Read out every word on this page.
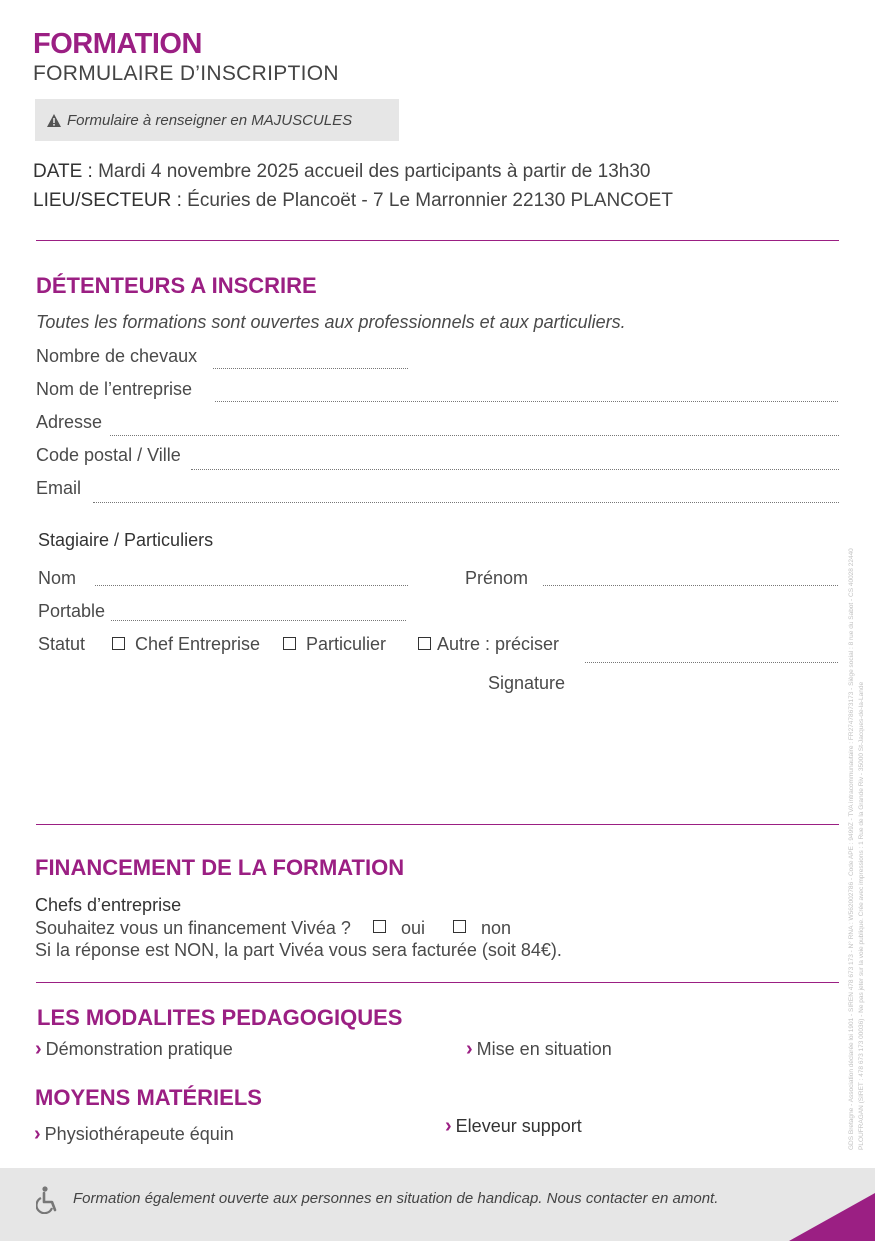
FORMATION
FORMULAIRE D’INSCRIPTION
Formulaire à renseigner en MAJUSCULES
DATE : Mardi 4 novembre 2025 accueil des participants à partir de 13h30
LIEU/SECTEUR : Écuries de Plancoët - 7 Le Marronnier 22130 PLANCOET
DÉTENTEURS A INSCRIRE
Toutes les formations sont ouvertes aux professionnels et aux particuliers.
Nombre de chevaux
Nom de l’entreprise
Adresse
Code postal / Ville
Email
Stagiaire / Particuliers
Nom	Prénom
Portable
Statut	Chef Entreprise	Particulier	Autre : préciser
Signature
FINANCEMENT DE LA FORMATION
Chefs d’entreprise
Souhaitez vous un financement Vivéa ?	oui	non
Si la réponse est NON, la part Vivéa vous sera facturée (soit 84€).
LES MODALITES PEDAGOGIQUES
› Démonstration pratique	› Mise en situation
MOYENS MATÉRIELS
› Physiothérapeute équin	› Eleveur support	GDS Bretagne - Association déclarée loi 1901 - SIREN 478 673 173 - N° RNA : W562002786 - Code APE : 9499Z - TVA intracommunautaire : FR27478673173 - Siège social : 8 rue du Sabot - CS 40028 22440 PLOUFRAGAN (SIRET : 478 673 173 00036) - Ne pas jeter sur la voie publique. Crée avec impressions : 1 Rue de la Grande Riv - 35000 St-Jacques-de-la-Lande
Formation également ouverte aux personnes en situation de handicap. Nous contacter en amont.
